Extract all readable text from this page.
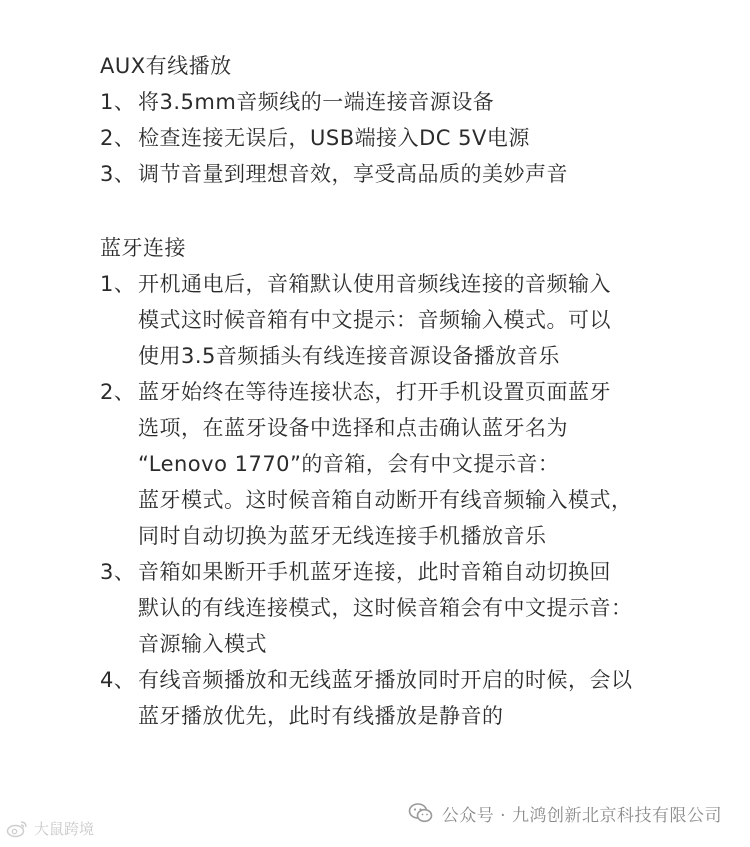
AUX有线播放
1、 将3.5mm音频线的一端连接音源设备
2、 检查连接无误后，USB端接入DC 5V电源
3、 调节音量到理想音效，享受高品质的美妙声音
蓝牙连接
1、 开机通电后，音箱默认使用音频线连接的音频输入
模式这时候音箱有中文提示：音频输入模式。可以
使用3.5音频插头有线连接音源设备播放音乐
2、 蓝牙始终在等待连接状态，打开手机设置页面蓝牙
选项，在蓝牙设备中选择和点击确认蓝牙名为
“Lenovo 1770”的音箱，会有中文提示音：
蓝牙模式。这时候音箱自动断开有线音频输入模式，
同时自动切换为蓝牙无线连接手机播放音乐
3、 音箱如果断开手机蓝牙连接，此时音箱自动切换回
默认的有线连接模式，这时候音箱会有中文提示音：
音源输入模式
4、 有线音频播放和无线蓝牙播放同时开启的时候，会以
蓝牙播放优先，此时有线播放是静音的
公众号 · 九鸿创新北京科技有限公司
大鼠跨境
